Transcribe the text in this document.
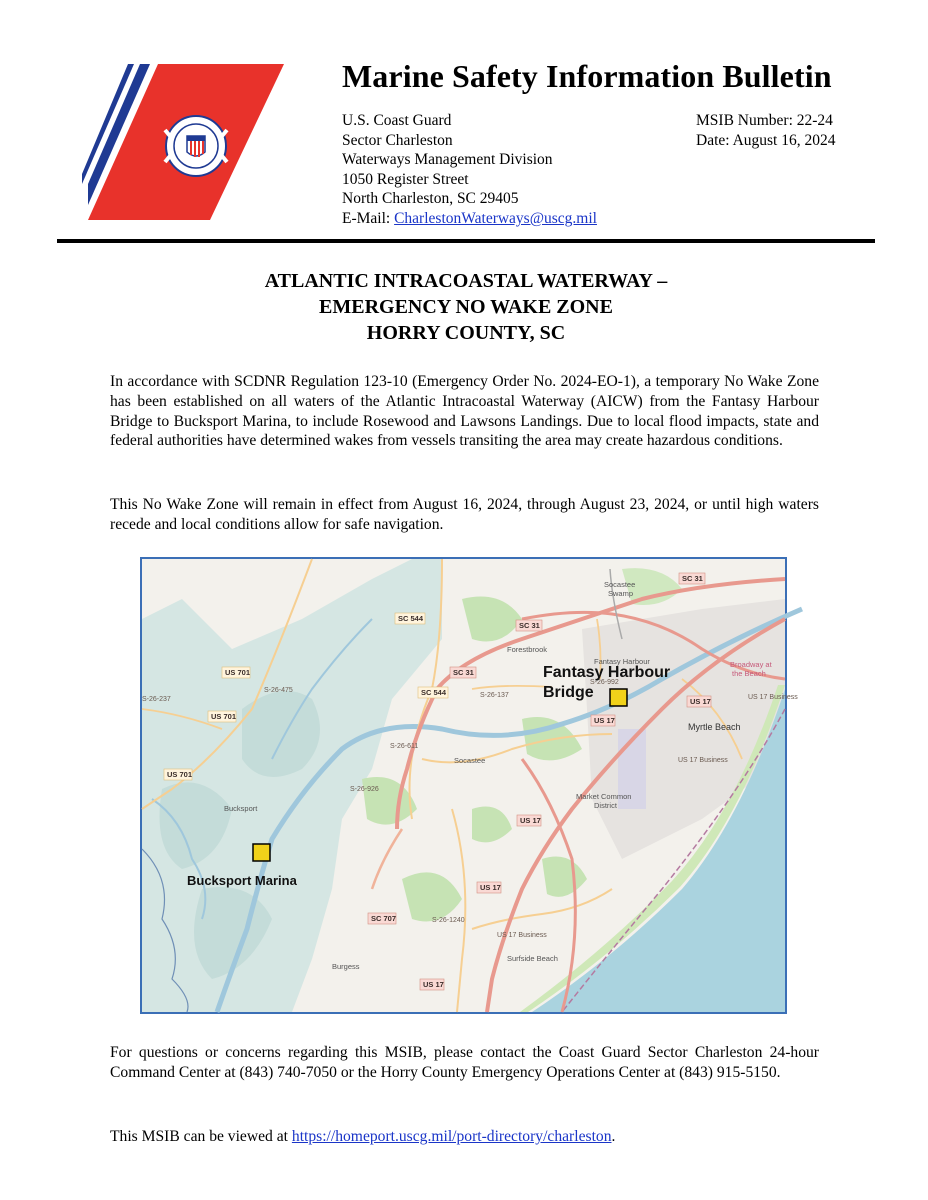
Marine Safety Information Bulletin
U.S. Coast Guard
Sector Charleston
Waterways Management Division
1050 Register Street
North Charleston, SC 29405
E-Mail: CharlestonWaterways@uscg.mil
MSIB Number: 22-24
Date: August 16, 2024
ATLANTIC INTRACOASTAL WATERWAY –
EMERGENCY NO WAKE ZONE
HORRY COUNTY, SC
In accordance with SCDNR Regulation 123-10 (Emergency Order No. 2024-EO-1), a temporary No Wake Zone has been established on all waters of the Atlantic Intracoastal Waterway (AICW) from the Fantasy Harbour Bridge to Bucksport Marina, to include Rosewood and Lawsons Landings. Due to local flood impacts, state and federal authorities have determined wakes from vessels transiting the area may create hazardous conditions.
This No Wake Zone will remain in effect from August 16, 2024, through August 23, 2024, or until high waters recede and local conditions allow for safe navigation.
SC 31
SC 31
SC 31
SC 544
SC 544
US 701
US 701
US 701
SC 707
US 17
US 17
US 17
US 17
US 17
S-26-475
S-26-237
S-26-137
S-26-611
S-26-926
S-26-992
S-26-1240
US 17 Business
US 17 Business
US 17 Business
Socastee
Swamp
Forestbrook
Fantasy Harbour
Myrtle Beach
Socastee
Market Common
District
Bucksport
Surfside Beach
Burgess
Broadway at
the Beach
Fantasy Harbour
Bridge
Bucksport Marina
For questions or concerns regarding this MSIB, please contact the Coast Guard Sector Charleston 24-hour Command Center at (843) 740-7050 or the Horry County Emergency Operations Center at (843) 915-5150.
This MSIB can be viewed at https://homeport.uscg.mil/port-directory/charleston.
